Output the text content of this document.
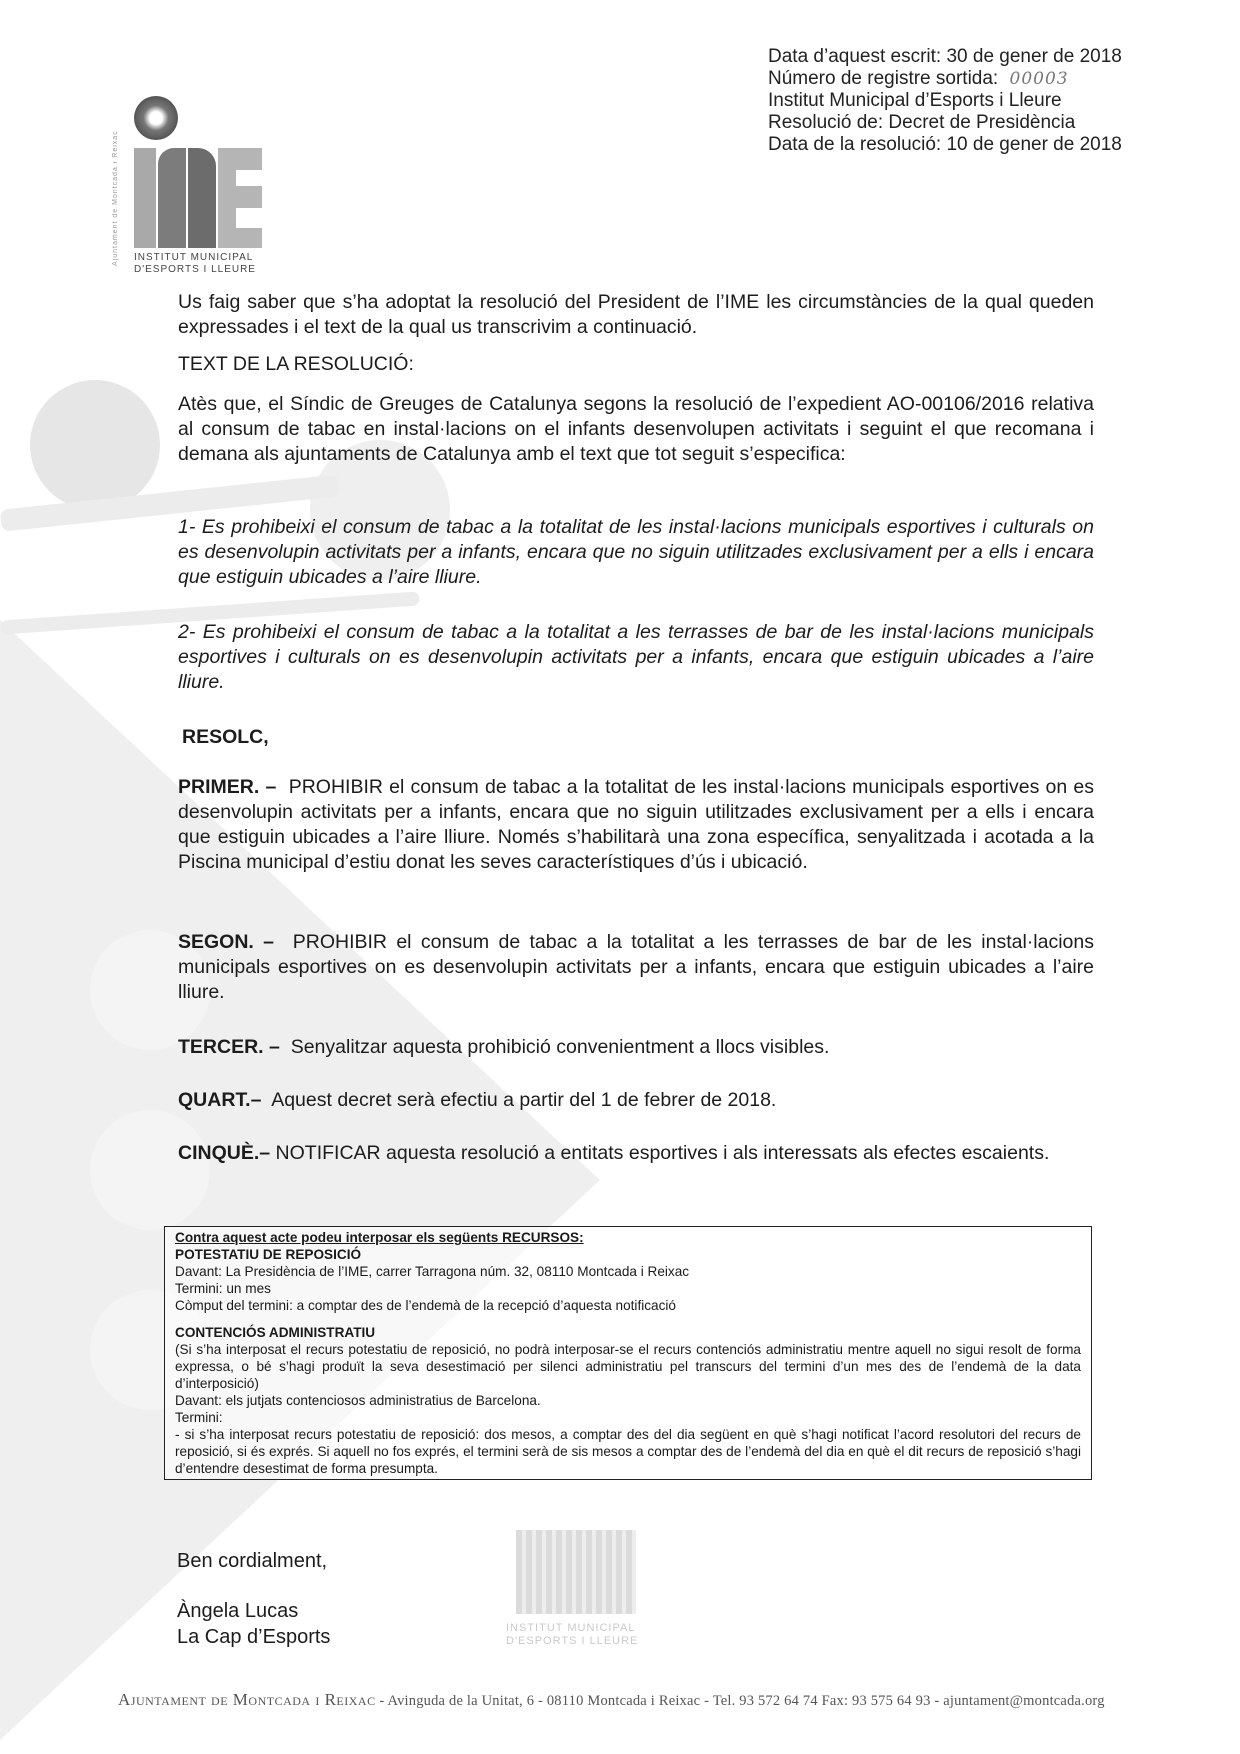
Data d’aquest escrit: 30 de gener de 2018
Número de registre sortida: 00003
Institut Municipal d’Esports i Lleure
Resolució de: Decret de Presidència
Data de la resolució: 10 de gener de 2018
Ajuntament de Montcada i Reixac	INSTITUT MUNICIPAL
D'ESPORTS I LLEURE

Us faig saber que s’ha adoptat la resolució del President de l’IME les circumstàncies de la qual queden expressades i el text de la qual us transcrivim a continuació.

TEXT DE LA RESOLUCIÓ:

Atès que, el Síndic de Greuges de Catalunya segons la resolució de l’expedient AO-00106/2016 relativa al consum de tabac en instal·lacions on el infants desenvolupen activitats i seguint el que recomana i demana als ajuntaments de Catalunya amb el text que tot seguit s’especifica:

1- Es prohibeixi el consum de tabac a la totalitat de les instal·lacions municipals esportives i culturals on es desenvolupin activitats per a infants, encara que no siguin utilitzades exclusivament per a ells i encara que estiguin ubicades a l’aire lliure.

2- Es prohibeixi el consum de tabac a la totalitat a les terrasses de bar de les instal·lacions municipals esportives i culturals on es desenvolupin activitats per a infants, encara que estiguin ubicades a l’aire lliure.

RESOLC,

PRIMER. – PROHIBIR el consum de tabac a la totalitat de les instal·lacions municipals esportives on es desenvolupin activitats per a infants, encara que no siguin utilitzades exclusivament per a ells i encara que estiguin ubicades a l’aire lliure. Només s’habilitarà una zona específica, senyalitzada i acotada a la Piscina municipal d’estiu donat les seves característiques d’ús i ubicació.

SEGON. – PROHIBIR el consum de tabac a la totalitat a les terrasses de bar de les instal·lacions municipals esportives on es desenvolupin activitats per a infants, encara que estiguin ubicades a l’aire lliure.

TERCER. – Senyalitzar aquesta prohibició convenientment a llocs visibles.

QUART.– Aquest decret serà efectiu a partir del 1 de febrer de 2018.

CINQUÈ.– NOTIFICAR aquesta resolució a entitats esportives i als interessats als efectes escaients.

Contra aquest acte podeu interposar els següents RECURSOS:
POTESTATIU DE REPOSICIÓ
Davant: La Presidència de l’IME, carrer Tarragona núm. 32, 08110 Montcada i Reixac
Termini: un mes
Còmput del termini: a comptar des de l’endemà de la recepció d’aquesta notificació
CONTENCIÓS ADMINISTRATIU
(Si s’ha interposat el recurs potestatiu de reposició, no podrà interposar-se el recurs contenciós administratiu mentre aquell no sigui resolt de forma expressa, o bé s’hagi produït la seva desestimació per silenci administratiu pel transcurs del termini d’un mes des de l’endemà de la data d’interposició)
Davant: els jutjats contenciosos administratius de Barcelona.
Termini:
- si s’ha interposat recurs potestatiu de reposició: dos mesos, a comptar des del dia següent en què s’hagi notificat l’acord resolutori del recurs de reposició, si és exprés. Si aquell no fos exprés, el termini serà de sis mesos a comptar des de l’endemà del dia en què el dit recurs de reposició s’hagi d’entendre desestimat de forma presumpta.
INSTITUT MUNICIPAL D'ESPORTS I LLEURE
Ben cordialment,
Àngela Lucas
La Cap d’Esports
Ajuntament de Montcada i Reixac - Avinguda de la Unitat, 6 - 08110 Montcada i Reixac - Tel. 93 572 64 74 Fax: 93 575 64 93 - ajuntament@montcada.org
